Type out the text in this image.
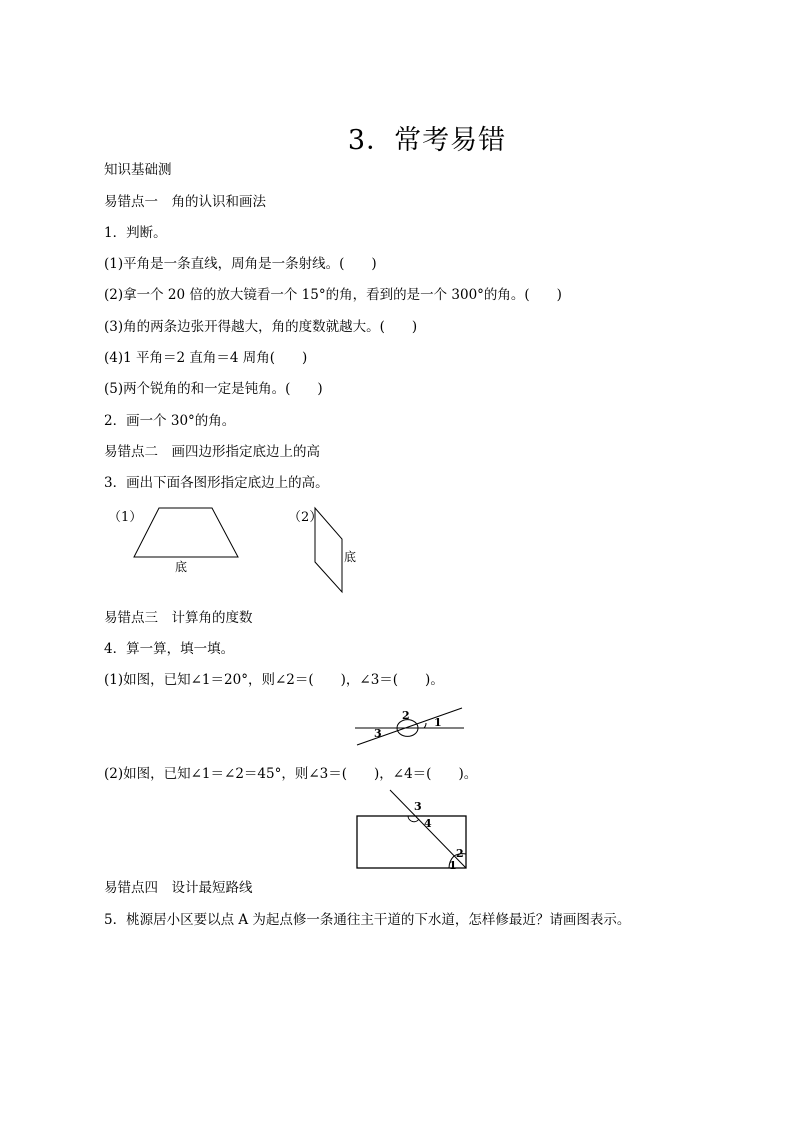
3．常考易错
知识基础测
易错点一　角的认识和画法
1．判断。
(1)平角是一条直线，周角是一条射线。(　　)
(2)拿一个 20 倍的放大镜看一个 15°的角，看到的是一个 300°的角。(　　)
(3)角的两条边张开得越大，角的度数就越大。(　　)
(4)1 平角＝2 直角＝4 周角(　　)
(5)两个锐角的和一定是钝角。(　　)
2．画一个 30°的角。
易错点二　画四边形指定底边上的高
3．画出下面各图形指定底边上的高。
（1）
底
（2）
底
易错点三　计算角的度数
4．算一算，填一填。
(1)如图，已知∠1＝20°，则∠2＝(　　)，∠3＝(　　)。
1
2
3
(2)如图，已知∠1＝∠2＝45°，则∠3＝(　　)，∠4＝(　　)。
1
2
3
4
易错点四　设计最短路线
5．桃源居小区要以点 A 为起点修一条通往主干道的下水道，怎样修最近？请画图表示。
